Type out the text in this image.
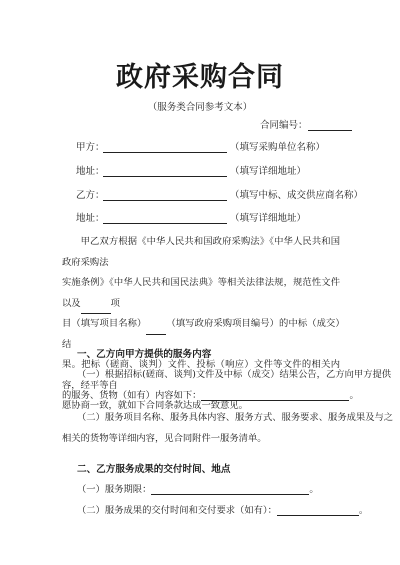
政府采购合同
（服务类合同参考文本）
合同编号：
甲方：	（填写采购单位名称）
地址：	（填写详细地址）
乙方：	（填写中标、成交供应商名称）
地址：	（填写详细地址）

甲乙双方根据《中华人民共和国政府采购法》《中华人民共和国政府采购法

实施条例》《中华人民共和国民法典》等相关法律法规，规范性文件以及	项

目（填写项目名称） （填写政府采购项目编号）的中标（成交）结

果。把标（磋商、谈判）文件、投标（响应）文件等文件的相关内容，经平等自

愿协商一致，就如下合同条款达成一致意见。

一、乙方向甲方提供的服务内容
（一）根据招标(磋商、谈判)文件及中标（成交）结果公告，乙方向甲方提供
的服务、货物（如有）内容如下：	。
（二）服务项目名称、服务具体内容、服务方式、服务要求、服务成果及与之
相关的货物等详细内容，见合同附件一服务清单。
二、乙方服务成果的交付时间、地点
（一）服务期限：	。
（二）服务成果的交付时间和交付要求（如有）：	。
